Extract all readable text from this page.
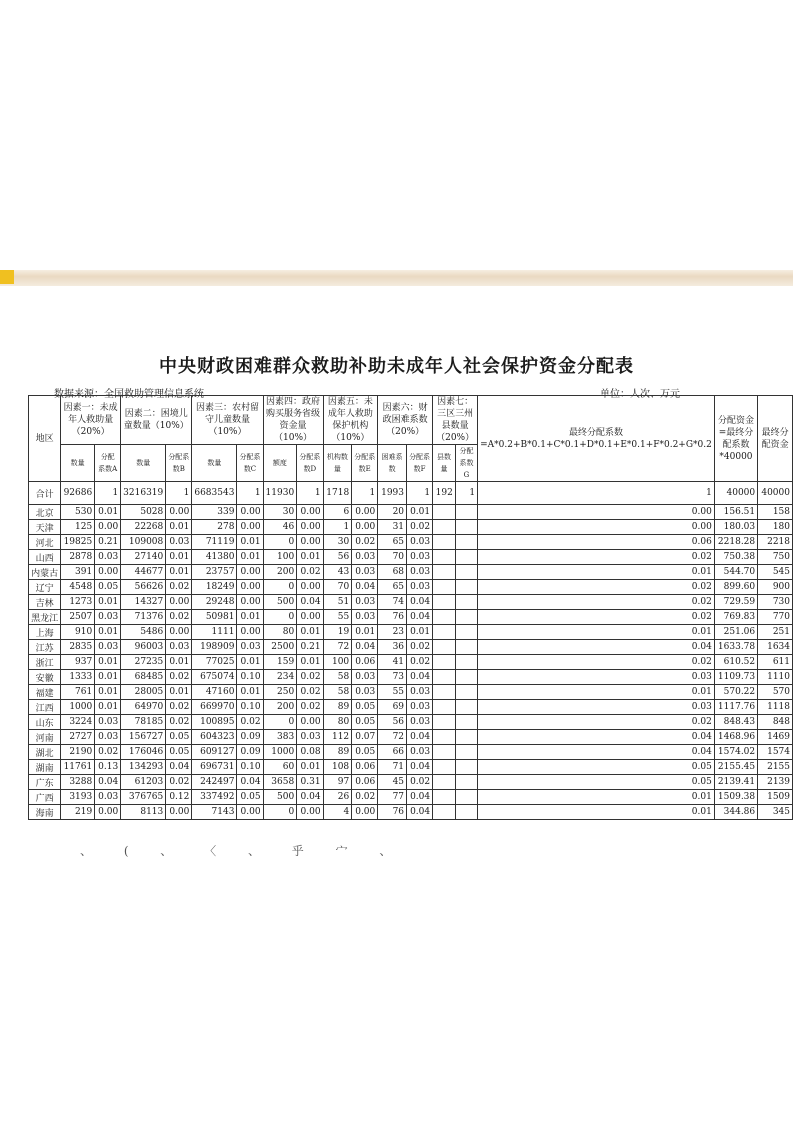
中央财政困难群众救助补助未成年人社会保护资金分配表
数据来源：全国救助管理信息系统	单位：人次、万元
地区	因素一：未成年人救助量（20%）		因素二：困境儿童数量（10%）		因素三：农村留守儿童数量（10%）		因素四：政府购买服务省级资金量（10%）		因素五：未成年人救助保护机构（10%）		因素六：财政困难系数（20%）		因素七：三区三州县数量（20%）		最终分配系数=A*0.2+B*0.1+C*0.1+D*0.1+E*0.1+F*0.2+G*0.2	分配资金=最终分配系数*40000	最终分配资金
	数量	分配系数A	数量	分配系数B	数量	分配系数C	额度	分配系数D	机构数量	分配系数E	困难系数	分配系数F	县数量	分配系数G			
合计	92686	1	3216319	1	6683543	1	11930	1	1718	1	1993	1	192	1	1	40000	40000
北京	530	0.01	5028	0.00	339	0.00	30	0.00	6	0.00	20	0.01			0.00	156.51	158
天津	125	0.00	22268	0.01	278	0.00	46	0.00	1	0.00	31	0.02			0.00	180.03	180
河北	19825	0.21	109008	0.03	71119	0.01	0	0.00	30	0.02	65	0.03			0.06	2218.28	2218
山西	2878	0.03	27140	0.01	41380	0.01	100	0.01	56	0.03	70	0.03			0.02	750.38	750
内蒙古	391	0.00	44677	0.01	23757	0.00	200	0.02	43	0.03	68	0.03			0.01	544.70	545
辽宁	4548	0.05	56626	0.02	18249	0.00	0	0.00	70	0.04	65	0.03			0.02	899.60	900
吉林	1273	0.01	14327	0.00	29248	0.00	500	0.04	51	0.03	74	0.04			0.02	729.59	730
黑龙江	2507	0.03	71376	0.02	50981	0.01	0	0.00	55	0.03	76	0.04			0.02	769.83	770
上海	910	0.01	5486	0.00	1111	0.00	80	0.01	19	0.01	23	0.01			0.01	251.06	251
江苏	2835	0.03	96003	0.03	198909	0.03	2500	0.21	72	0.04	36	0.02			0.04	1633.78	1634
浙江	937	0.01	27235	0.01	77025	0.01	159	0.01	100	0.06	41	0.02			0.02	610.52	611
安徽	1333	0.01	68485	0.02	675074	0.10	234	0.02	58	0.03	73	0.04			0.03	1109.73	1110
福建	761	0.01	28005	0.01	47160	0.01	250	0.02	58	0.03	55	0.03			0.01	570.22	570
江西	1000	0.01	64970	0.02	669970	0.10	200	0.02	89	0.05	69	0.03			0.03	1117.76	1118
山东	3224	0.03	78185	0.02	100895	0.02	0	0.00	80	0.05	56	0.03			0.02	848.43	848
河南	2727	0.03	156727	0.05	604323	0.09	383	0.03	112	0.07	72	0.04			0.04	1468.96	1469
湖北	2190	0.02	176046	0.05	609127	0.09	1000	0.08	89	0.05	66	0.03			0.04	1574.02	1574
湖南	11761	0.13	134293	0.04	696731	0.10	60	0.01	108	0.06	71	0.04			0.05	2155.45	2155
广东	3288	0.04	61203	0.02	242497	0.04	3658	0.31	97	0.06	45	0.02			0.05	2139.41	2139
广西	3193	0.03	376765	0.12	337492	0.05	500	0.04	26	0.02	77	0.04			0.01	1509.38	1509
海南	219	0.00	8113	0.00	7143	0.00	0	0.00	4	0.00	76	0.04			0.01	344.86	345
、 ( 、 〈 、 乎 宀 、
